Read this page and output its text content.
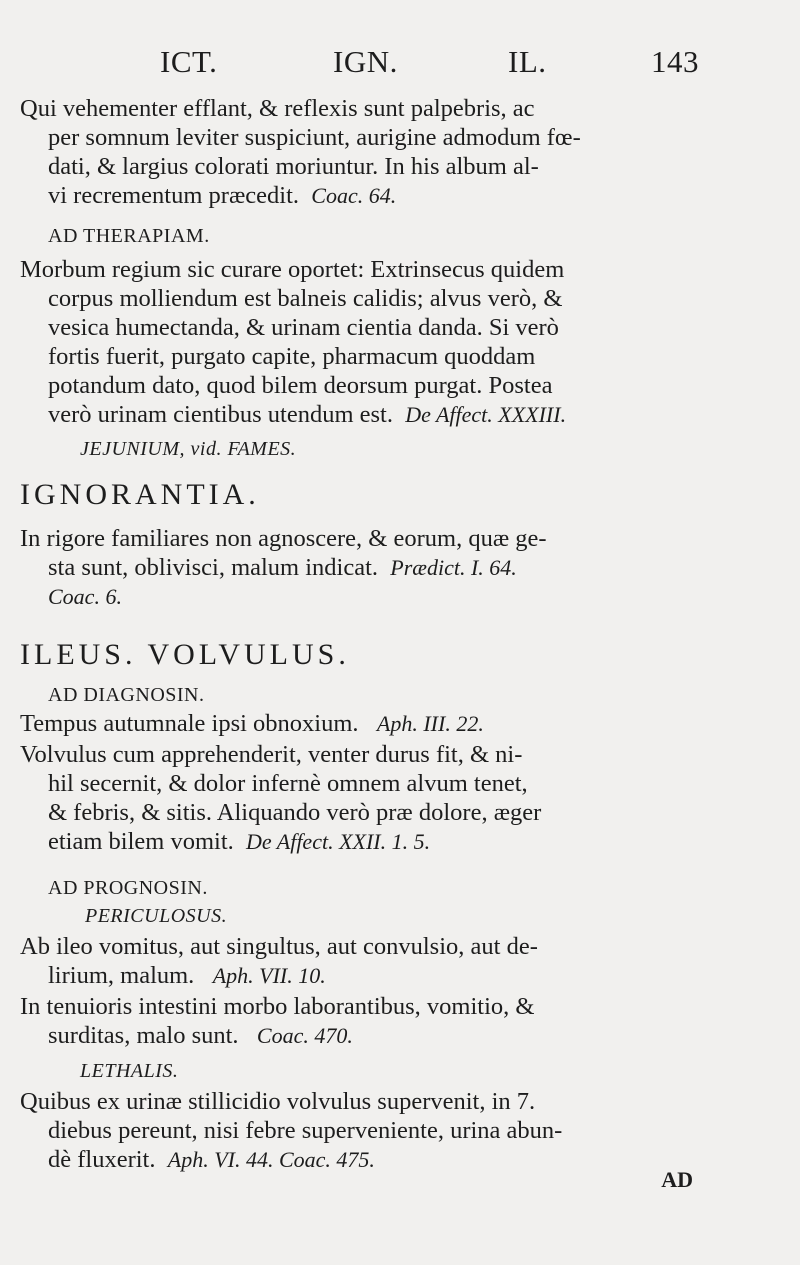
ICT.	IGN.	IL.	143
Qui vehementer efflant, & reflexis sunt palpebris, ac
per somnum leviter suspiciunt, aurigine admodum fœ-
dati, & largius colorati moriuntur. In his album al-
vi recrementum præcedit. Coac. 64.
AD THERAPIAM.
Morbum regium sic curare oportet: Extrinsecus quidem
corpus molliendum est balneis calidis; alvus verò, &
vesica humectanda, & urinam cientia danda. Si verò
fortis fuerit, purgato capite, pharmacum quoddam
potandum dato, quod bilem deorsum purgat. Postea
verò urinam cientibus utendum est. De Affect. XXXIII.
JEJUNIUM, vid. FAMES.
IGNORANTIA.
In rigore familiares non agnoscere, & eorum, quæ ge-
sta sunt, oblivisci, malum indicat. Prædict. I. 64.
Coac. 6.
ILEUS. VOLVULUS.
AD DIAGNOSIN.
Tempus autumnale ipsi obnoxium. Aph. III. 22.
Volvulus cum apprehenderit, venter durus fit, & ni-
hil secernit, & dolor infernè omnem alvum tenet,
& febris, & sitis. Aliquando verò præ dolore, æger
etiam bilem vomit. De Affect. XXII. 1. 5.
AD PROGNOSIN.
PERICULOSUS.
Ab ileo vomitus, aut singultus, aut convulsio, aut de-
lirium, malum. Aph. VII. 10.
In tenuioris intestini morbo laborantibus, vomitio, &
surditas, malo sunt. Coac. 470.
LETHALIS.
Quibus ex urinæ stillicidio volvulus supervenit, in 7.
diebus pereunt, nisi febre superveniente, urina abun-
dè fluxerit. Aph. VI. 44. Coac. 475.
AD
